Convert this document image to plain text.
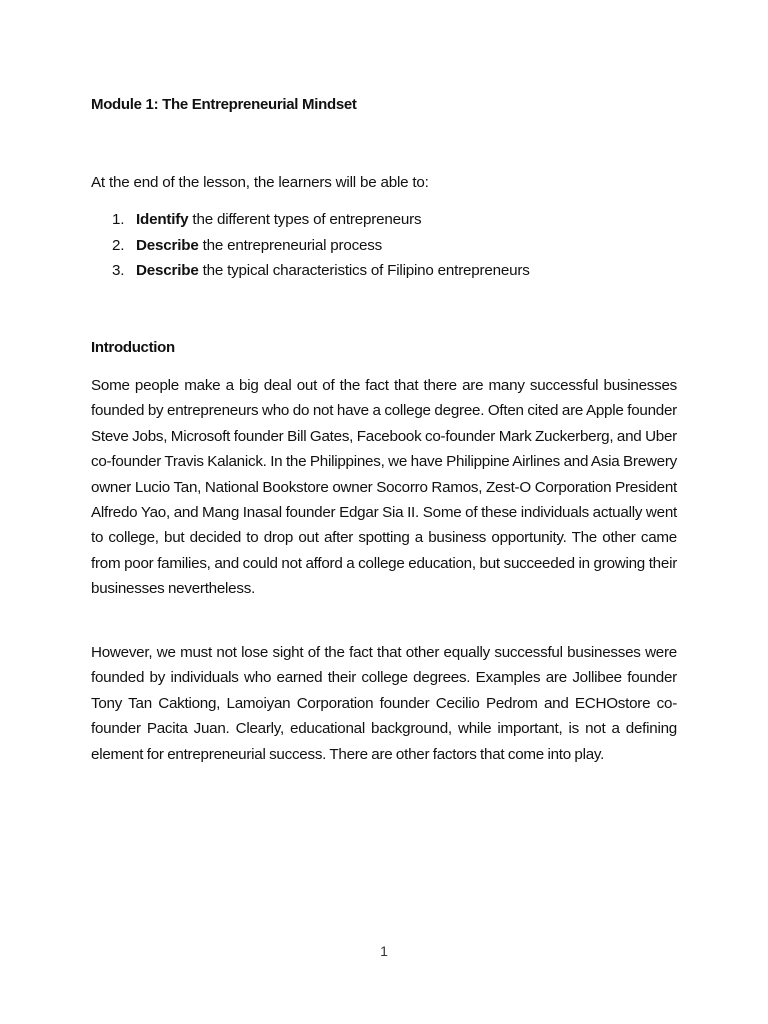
Module 1: The Entrepreneurial Mindset
At the end of the lesson, the learners will be able to:
1. Identify the different types of entrepreneurs
2. Describe the entrepreneurial process
3. Describe the typical characteristics of Filipino entrepreneurs
Introduction

Some people make a big deal out of the fact that there are many successful businesses founded by entrepreneurs who do not have a college degree. Often cited are Apple founder Steve Jobs, Microsoft founder Bill Gates, Facebook co-founder Mark Zuckerberg, and Uber co-founder Travis Kalanick. In the Philippines, we have Philippine Airlines and Asia Brewery owner Lucio Tan, National Bookstore owner Socorro Ramos, Zest-O Corporation President Alfredo Yao, and Mang Inasal founder Edgar Sia II. Some of these individuals actually went to college, but decided to drop out after spotting a business opportunity. The other came from poor families, and could not afford a college education, but succeeded in growing their businesses nevertheless.

However, we must not lose sight of the fact that other equally successful businesses were founded by individuals who earned their college degrees. Examples are Jollibee founder Tony Tan Caktiong, Lamoiyan Corporation founder Cecilio Pedrom and ECHOstore co-founder Pacita Juan. Clearly, educational background, while important, is not a defining element for entrepreneurial success. There are other factors that come into play.

1
